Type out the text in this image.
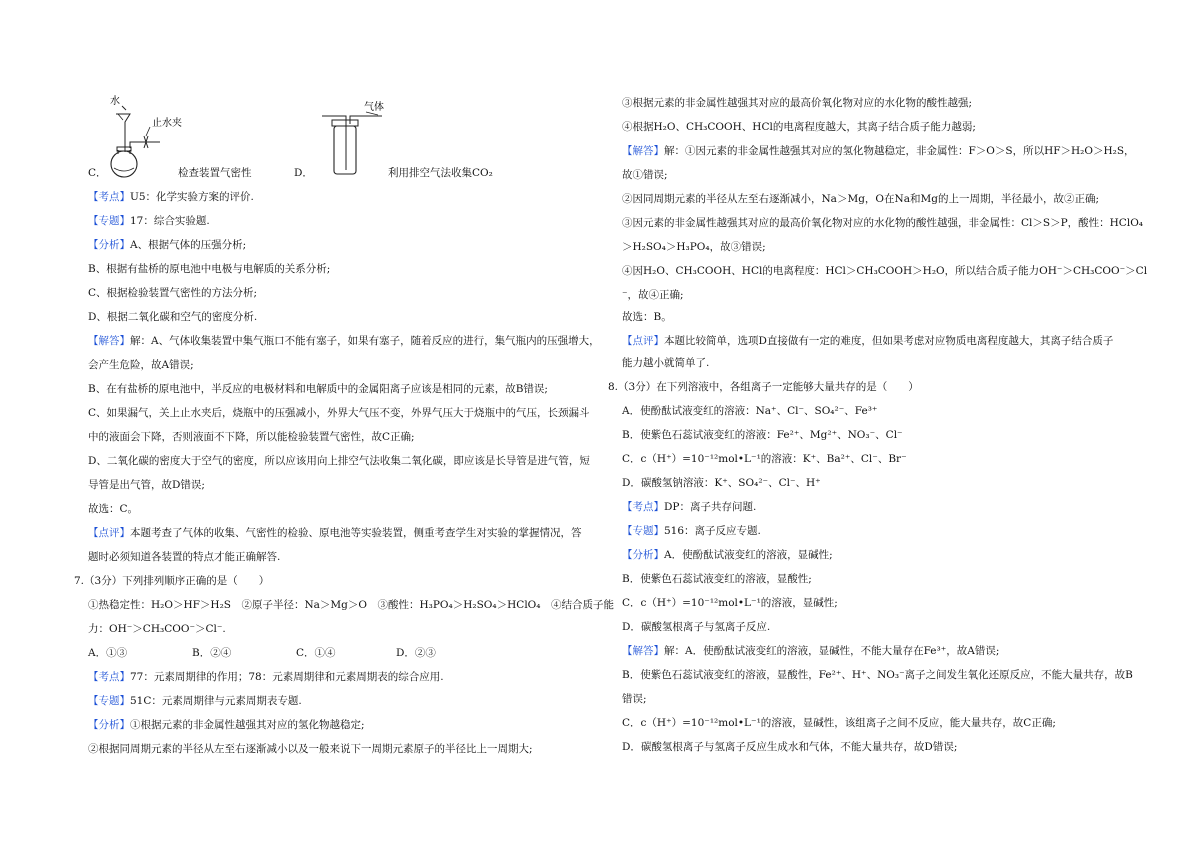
水
止水夹
C．	检查装置气密性
气体
D．	利用排空气法收集CO₂
【考点】U5：化学实验方案的评价.
【专题】17：综合实验题.
【分析】A、根据气体的压强分析;
B、根据有盐桥的原电池中电极与电解质的关系分析;
C、根据检验装置气密性的方法分析;
D、根据二氧化碳和空气的密度分析.
【解答】解：A、气体收集装置中集气瓶口不能有塞子，如果有塞子，随着反应的进行，集气瓶内的压强增大，
会产生危险，故A错误;
B、在有盐桥的原电池中，半反应的电极材料和电解质中的金属阳离子应该是相同的元素，故B错误;
C、如果漏气，关上止水夹后，烧瓶中的压强减小，外界大气压不变，外界气压大于烧瓶中的气压，长颈漏斗
中的液面会下降，否则液面不下降，所以能检验装置气密性，故C正确;
D、二氧化碳的密度大于空气的密度，所以应该用向上排空气法收集二氧化碳，即应该是长导管是进气管，短
导管是出气管，故D错误;
故选：C。
【点评】本题考查了气体的收集、气密性的检验、原电池等实验装置，侧重考查学生对实验的掌握情况，答
题时必须知道各装置的特点才能正确解答.
7.（3分）下列排列顺序正确的是（　　）
①热稳定性：H₂O＞HF＞H₂S　②原子半径：Na＞Mg＞O　③酸性：H₃PO₄＞H₂SO₄＞HClO₄　④结合质子能
力：OH⁻＞CH₃COO⁻＞Cl⁻.
A．①③	B．②④	C．①④	D．②③
【考点】77：元素周期律的作用；78：元素周期律和元素周期表的综合应用.
【专题】51C：元素周期律与元素周期表专题.
【分析】①根据元素的非金属性越强其对应的氢化物越稳定;
②根据同周期元素的半径从左至右逐渐减小以及一般来说下一周期元素原子的半径比上一周期大;
③根据元素的非金属性越强其对应的最高价氧化物对应的水化物的酸性越强;
④根据H₂O、CH₃COOH、HCl的电离程度越大，其离子结合质子能力越弱;
【解答】解：①因元素的非金属性越强其对应的氢化物越稳定，非金属性：F＞O＞S，所以HF＞H₂O＞H₂S，
故①错误;
②因同周期元素的半径从左至右逐渐减小，Na＞Mg，O在Na和Mg的上一周期，半径最小，故②正确;
③因元素的非金属性越强其对应的最高价氧化物对应的水化物的酸性越强，非金属性：Cl＞S＞P，酸性：HClO₄
＞H₂SO₄＞H₃PO₄，故③错误;
④因H₂O、CH₃COOH、HCl的电离程度：HCl＞CH₃COOH＞H₂O，所以结合质子能力OH⁻＞CH₃COO⁻＞Cl
⁻，故④正确;
故选：B。
【点评】本题比较简单，选项D直接做有一定的难度，但如果考虑对应物质电离程度越大，其离子结合质子
能力越小就简单了.
8.（3分）在下列溶液中，各组离子一定能够大量共存的是（　　）
A．使酚酞试液变红的溶液：Na⁺、Cl⁻、SO₄²⁻、Fe³⁺
B．使紫色石蕊试液变红的溶液：Fe²⁺、Mg²⁺、NO₃⁻、Cl⁻
C．c（H⁺）=10⁻¹²mol•L⁻¹的溶液：K⁺、Ba²⁺、Cl⁻、Br⁻
D．碳酸氢钠溶液：K⁺、SO₄²⁻、Cl⁻、H⁺
【考点】DP：离子共存问题.
【专题】516：离子反应专题.
【分析】A．使酚酞试液变红的溶液，显碱性;
B．使紫色石蕊试液变红的溶液，显酸性;
C．c（H⁺）=10⁻¹²mol•L⁻¹的溶液，显碱性;
D．碳酸氢根离子与氢离子反应.
【解答】解：A．使酚酞试液变红的溶液，显碱性，不能大量存在Fe³⁺，故A错误;
B．使紫色石蕊试液变红的溶液，显酸性，Fe²⁺、H⁺、NO₃⁻离子之间发生氧化还原反应，不能大量共存，故B
错误;
C．c（H⁺）=10⁻¹²mol•L⁻¹的溶液，显碱性，该组离子之间不反应，能大量共存，故C正确;
D．碳酸氢根离子与氢离子反应生成水和气体，不能大量共存，故D错误;
